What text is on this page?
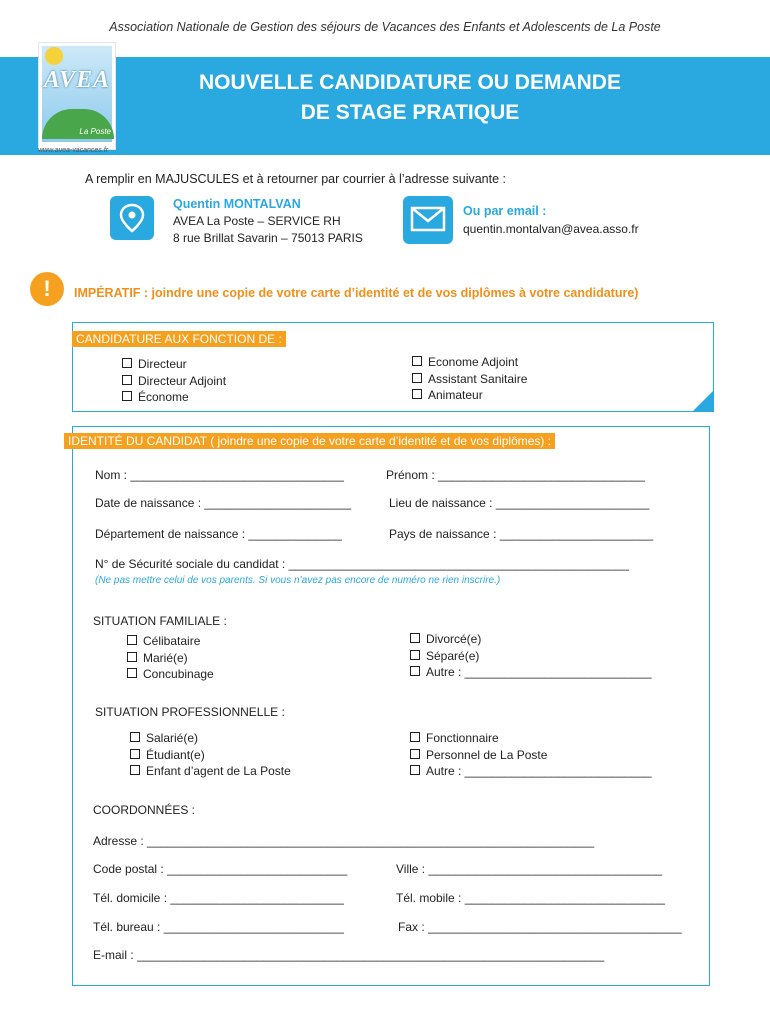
Association Nationale de Gestion des séjours de Vacances des Enfants et Adolescents de La Poste
NOUVELLE CANDIDATURE OU DEMANDE
DE STAGE PRATIQUE
AVEA
La Poste
www.avea-vacances.fr
A remplir en MAJUSCULES et à retourner par courrier à l’adresse suivante :
Quentin MONTALVAN
AVEA La Poste – SERVICE RH
8 rue Brillat Savarin – 75013 PARIS
Ou par email :
quentin.montalvan@avea.asso.fr
!	IMPÉRATIF : joindre une copie de votre carte d’identité et de vos diplômes à votre candidature)
CANDIDATURE AUX FONCTION DE :
Directeur
Directeur Adjoint
Économe
Econome Adjoint
Assistant Sanitaire
Animateur
IDENTITÉ DU CANDIDAT ( joindre une copie de votre carte d’identité et de vos diplômes) :
Nom : ________________________________	Prénom : _______________________________
Date de naissance : ______________________	Lieu de naissance : _______________________
Département de naissance : ______________	Pays de naissance : _______________________
N° de Sécurité sociale du candidat : ___________________________________________________
(Ne pas mettre celui de vos parents. Si vous n’avez pas encore de numéro ne rien inscrire.)
SITUATION FAMILIALE :
Célibataire
Marié(e)
Concubinage
Divorcé(e)
Séparé(e)
Autre : ____________________________
SITUATION PROFESSIONNELLE :
Salarié(e)
Étudiant(e)
Enfant d’agent de La Poste
Fonctionnaire
Personnel de La Poste
Autre : ____________________________
COORDONNÉES :
Adresse : ___________________________________________________________________
Code postal : ___________________________	Ville : ___________________________________
Tél. domicile : __________________________	Tél. mobile : ______________________________
Tél. bureau : ___________________________	Fax : ______________________________________
E-mail : ______________________________________________________________________
